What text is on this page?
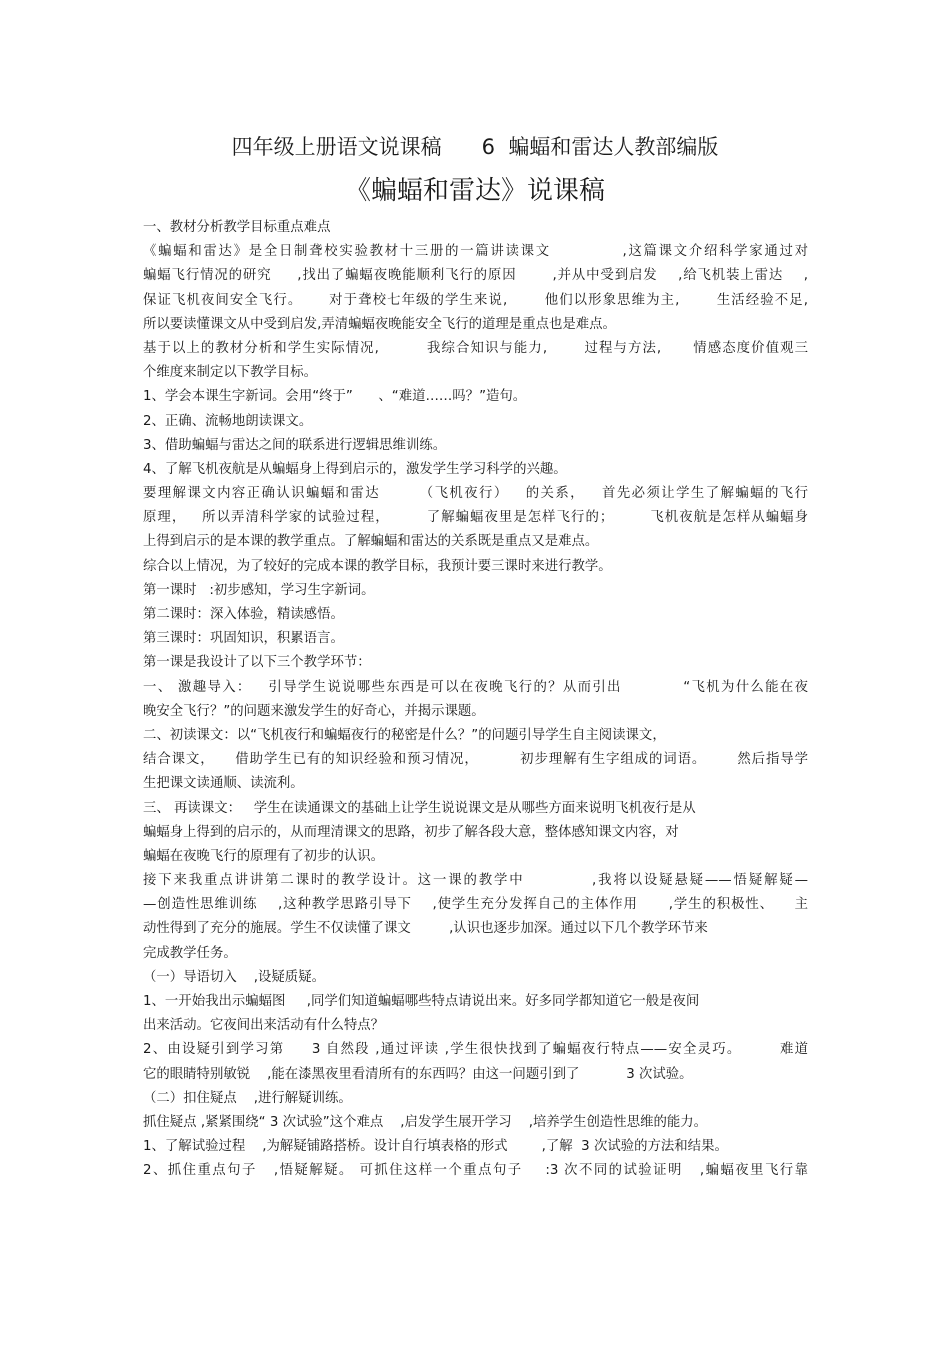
四年级上册语文说课稿      6  蝙蝠和雷达人教部编版
《蝙蝠和雷达》说课稿
一、教材分析教学目标重点难点
《蝙蝠和雷达》是全日制聋校实验教材十三册的一篇讲读课文            ,这篇课文介绍科学家通过对
蝙蝠飞行情况的研究     ,找出了蝙蝠夜晚能顺利飞行的原因       ,并从中受到启发    ,给飞机装上雷达    ,
保证飞机夜间安全飞行。     对于聋校七年级的学生来说,       他们以形象思维为主,       生活经验不足,
所以要读懂课文从中受到启发,弄清蝙蝠夜晚能安全飞行的道理是重点也是难点。
基于以上的教材分析和学生实际情况,         我综合知识与能力,       过程与方法,      情感态度价值观三
个维度来制定以下教学目标。
1、学会本课生字新词。会用“终于”      、“难道……吗？”造句。
2、正确、流畅地朗读课文。
3、借助蝙蝠与雷达之间的联系进行逻辑思维训练。
4、了解飞机夜航是从蝙蝠身上得到启示的，激发学生学习科学的兴趣。
要理解课文内容正确认识蝙蝠和雷达       （飞机夜行）   的关系，   首先必须让学生了解蝙蝠的飞行
原理，   所以弄清科学家的试验过程，       了解蝙蝠夜里是怎样飞行的；       飞机夜航是怎样从蝙蝠身
上得到启示的是本课的教学重点。了解蝙蝠和雷达的关系既是重点又是难点。
综合以上情况，为了较好的完成本课的教学目标，我预计要三课时来进行教学。
第一课时   :初步感知，学习生字新词。
第二课时：深入体验，精读感悟。
第三课时：巩固知识，积累语言。
第一课是我设计了以下三个教学环节：
一、 激趣导入：   引导学生说说哪些东西是可以在夜晚飞行的？从而引出           “飞机为什么能在夜
晚安全飞行？”的问题来激发学生的好奇心，并揭示课题。
二、初读课文：以“飞机夜行和蝙蝠夜行的秘密是什么？”的问题引导学生自主阅读课文，
结合课文，    借助学生已有的知识经验和预习情况，        初步理解有生字组成的词语。      然后指导学
生把课文读通顺、读流利。
三、 再读课文：   学生在读通课文的基础上让学生说说课文是从哪些方面来说明飞机夜行是从
蝙蝠身上得到的启示的，从而理清课文的思路，初步了解各段大意，整体感知课文内容，对
蝙蝠在夜晚飞行的原理有了初步的认识。
接下来我重点讲讲第二课时的教学设计。这一课的教学中           ,我将以设疑悬疑——悟疑解疑—
—创造性思维训练    ,这种教学思路引导下    ,使学生充分发挥自己的主体作用      ,学生的积极性、    主
动性得到了充分的施展。学生不仅读懂了课文         ,认识也逐步加深。通过以下几个教学环节来
完成教学任务。
（一）导语切入    ,设疑质疑。
1、一开始我出示蝙蝠图     ,同学们知道蝙蝠哪些特点请说出来。好多同学都知道它一般是夜间
出来活动。它夜间出来活动有什么特点？
2、由设疑引到学习第     3 自然段 ,通过评读 ,学生很快找到了蝙蝠夜行特点——安全灵巧。       难道
它的眼睛特别敏锐    ,能在漆黑夜里看清所有的东西吗？由这一问题引到了           3 次试验。
（二）扣住疑点    ,进行解疑训练。
抓住疑点 ,紧紧围绕“ 3 次试验”这个难点    ,启发学生展开学习    ,培养学生创造性思维的能力。
1、了解试验过程    ,为解疑铺路搭桥。设计自行填表格的形式        ,了解  3 次试验的方法和结果。
2、抓住重点句子   ,悟疑解疑。 可抓住这样一个重点句子    :3 次不同的试验证明   ,蝙蝠夜里飞行靠
